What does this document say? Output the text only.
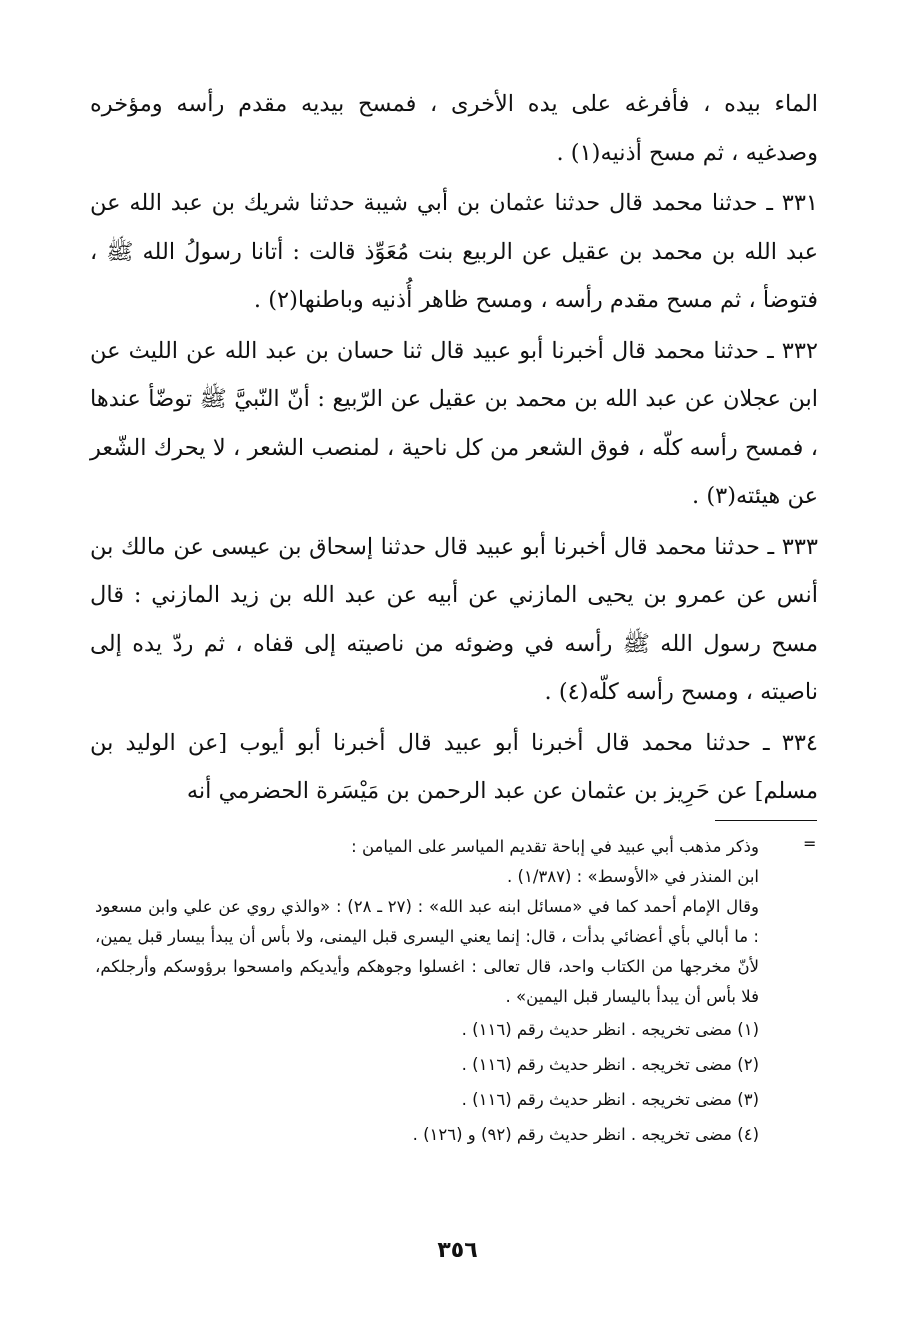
الماء بيده ، فأفرغه على يده الأخرى ، فمسح بيديه مقدم رأسه ومؤخره وصدغيه ، ثم مسح أذنيه(١) .

٣٣١ ـ حدثنا محمد قال حدثنا عثمان بن أبي شيبة حدثنا شريك بن عبد الله عن عبد الله بن محمد بن عقيل عن الربيع بنت مُعَوِّذ قالت : أتانا رسولُ الله ﷺ ، فتوضأ ، ثم مسح مقدم رأسه ، ومسح ظاهر أُذنيه وباطنها(٢) .

٣٣٢ ـ حدثنا محمد قال أخبرنا أبو عبيد قال ثنا حسان بن عبد الله عن الليث عن ابن عجلان عن عبد الله بن محمد بن عقيل عن الرّبيع : أنّ النّبيَّ ﷺ توضّأ عندها ، فمسح رأسه كلّه ، فوق الشعر من كل ناحية ، لمنصب الشعر ، لا يحرك الشّعر عن هيئته(٣) .

٣٣٣ ـ حدثنا محمد قال أخبرنا أبو عبيد قال حدثنا إسحاق بن عيسى عن مالك بن أنس عن عمرو بن يحيى المازني عن أبيه عن عبد الله بن زيد المازني : قال مسح رسول الله ﷺ رأسه في وضوئه من ناصيته إلى قفاه ، ثم ردّ يده إلى ناصيته ، ومسح رأسه كلّه(٤) .

٣٣٤ ـ حدثنا محمد قال أخبرنا أبو عبيد قال أخبرنا أبو أيوب [عن الوليد بن مسلم] عن حَرِيز بن عثمان عن عبد الرحمن بن مَيْسَرة الحضرمي أنه

=

وذكر مذهب أبي عبيد في إباحة تقديم المياسر على الميامن :

ابن المنذر في «الأوسط» : (١/٣٨٧) .

وقال الإمام أحمد كما في «مسائل ابنه عبد الله» : (٢٧ ـ ٢٨) : «والذي روي عن علي وابن مسعود : ما أبالي بأي أعضائي بدأت ، قال: إنما يعني اليسرى قبل اليمنى، ولا بأس أن يبدأ بيسار قبل يمين، لأنّ مخرجها من الكتاب واحد، قال تعالى : اغسلوا وجوهكم وأيديكم وامسحوا برؤوسكم وأرجلكم، فلا بأس أن يبدأ باليسار قبل اليمين» .

(١) مضى تخريجه . انظر حديث رقم (١١٦) .
(٢) مضى تخريجه . انظر حديث رقم (١١٦) .
(٣) مضى تخريجه . انظر حديث رقم (١١٦) .
(٤) مضى تخريجه . انظر حديث رقم (٩٢) و (١٢٦) .
٣٥٦
